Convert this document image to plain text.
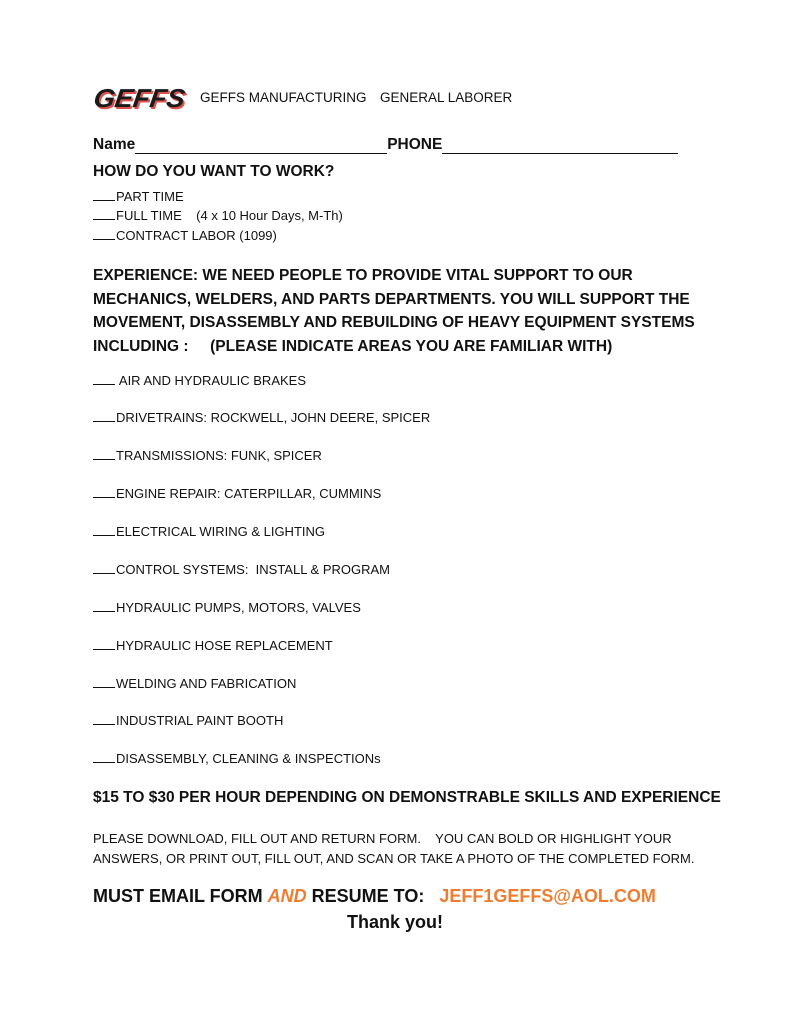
GEFFS GEFFS MANUFACTURING GENERAL LABORER
Name	PHONE
HOW DO YOU WANT TO WORK?
PART TIME
FULL TIME    (4 x 10 Hour Days, M-Th)
CONTRACT LABOR (1099)
EXPERIENCE: WE NEED PEOPLE TO PROVIDE VITAL SUPPORT TO OUR MECHANICS, WELDERS, AND PARTS DEPARTMENTS. YOU WILL SUPPORT THE MOVEMENT, DISASSEMBLY AND REBUILDING OF HEAVY EQUIPMENT SYSTEMS INCLUDING :     (PLEASE INDICATE AREAS YOU ARE FAMILIAR WITH)
AIR AND HYDRAULIC BRAKES
DRIVETRAINS: ROCKWELL, JOHN DEERE, SPICER
TRANSMISSIONS: FUNK, SPICER
ENGINE REPAIR: CATERPILLAR, CUMMINS
ELECTRICAL WIRING & LIGHTING
CONTROL SYSTEMS:  INSTALL & PROGRAM
HYDRAULIC PUMPS, MOTORS, VALVES
HYDRAULIC HOSE REPLACEMENT
WELDING AND FABRICATION
INDUSTRIAL PAINT BOOTH
DISASSEMBLY, CLEANING & INSPECTIONs
$15 TO $30 PER HOUR DEPENDING ON DEMONSTRABLE SKILLS AND EXPERIENCE
PLEASE DOWNLOAD, FILL OUT AND RETURN FORM.    YOU CAN BOLD OR HIGHLIGHT YOUR ANSWERS, OR PRINT OUT, FILL OUT, AND SCAN OR TAKE A PHOTO OF THE COMPLETED FORM.
MUST EMAIL FORM AND RESUME TO:   JEFF1GEFFS@AOL.COM
Thank you!
